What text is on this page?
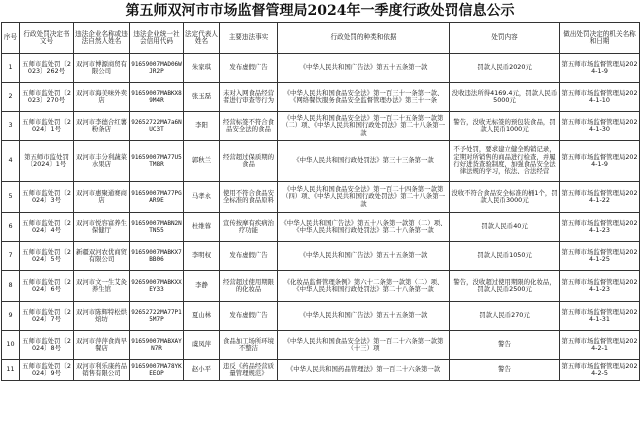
第五师双河市市场监督管理局2024年一季度行政处罚信息公示
序号	行政处罚决定书文号	违法企业名称或违法自然人姓名	违法企业统一社会信用代码	法定代表人姓名	主要违法事实	行政处罚的种类和依据	处罚内容	做出处罚决定的机关名称和日期
1	五师市监处罚〔2023〕262号	双河市博源商贸有限公司	91659007MAD06WJR2P	朱家琪	发布虚假广告	《中华人民共和国广告法》第五十五条第一款	罚款人民币2020元	第五师市场监督管理局2024-1-9
2	五师市监处罚〔2023〕270号	双河市海美味外卖店	91659007MABKX89M4R	张玉磊	未对入网食品经营者进行审查等行为	《中华人民共和国食品安全法》第一百三十一条第一款、《网络餐饮服务食品安全监督管理办法》第三十一条	没收违法所得4169.4元，罚款人民币5000元	第五师市场监督管理局2024-1-10
3	五师市监处罚〔2024〕1号	双河市李德合红薯粉条店	92652722MA7a6NUC3T	李阳	经营标签不符合食品安全法的食品	《中华人民共和国食品安全法》第一百二十五条第一款第（二）项、《中华人民共和国行政处罚法》第二十八条第一款	警告，没收无标签的预包装食品，罚款人民币1000元	第五师市场监督管理局2024-1-30
4	第五师市监处罚〔2024〕1号	双河市丰分利蔬菜水果店	91659007MA77U5TM8R	郭秋兰	经营超过保质期的食品	《中华人民共和国行政处罚法》第三十三条第一款	不予处罚，要求建立健全购销记录，定期对所销售的商品进行检查，并履行好进货查验制度，加强食品安全法律法规的学习，依法、合法经营	第五师市场监督管理局2024-1-9
5	五师市监处罚〔2024〕3号	双河市惠聚通赛商店	91659007MA77PGAR9E	马孝永	使用不符合食品安全标准的食品原料	《中华人民共和国食品安全法》第一百二十四条第一款第（四）项、《中华人民共和国行政处罚法》第二十八条第一款	没收不符合食品安全标准的桶1个，罚款人民币3000元	第五师市场监督管理局2024-1-22
6	五师市监处罚〔2024〕4号	双河市悦容富养生保健厅	91659007MABN2NTN55	杜维蓉	宣传按摩有疾病治疗功能	《中华人民共和国广告法》第五十八条第一款第（二）项、《中华人民共和国行政处罚法》第二十八条第一款	罚款人民币40元	第五师市场监督管理局2024-1-23
7	五师市监处罚〔2024〕5号	新疆双河农优商贸有限公司	91659007MABKX7BB06	李明权	发布虚假广告	《中华人民共和国广告法》第五十五条第一款	罚款人民币1050元	第五师市场监督管理局2024-1-25
8	五师市监处罚〔2024〕6号	双河市文一生艾灸养生馆	92659007MABKXXEY33	李静	经营超过使用期限的化妆品	《化妆品监督管理条例》第六十二条第一款第（二）项、《中华人民共和国行政处罚法》第二十八条第一款	警告，没收超过使用期限的化妆品，罚款人民币2500元	第五师市场监督管理局2024-1-23
9	五师市监处罚〔2024〕7号	双河市陈辉特松烘焙坊	92652722MA77P15M7P	夏山林	发布虚假广告	《中华人民共和国广告法》第五十五条第一款	罚款人民币270元	第五师市场监督管理局2024-1-31
10	五师市监处罚〔2024〕8号	双河市萍萍食尚早餐店	91659007MABXAYN7R	虞凤萍	食品加工场所环境不整洁	《中华人民共和国食品安全法》第一百二十六条第一款第（十三）项	警告	第五师市场监督管理局2024-2-1
11	五师市监处罚〔2024〕9号	双河市利乐康药品销售有限公司	91659007MA78YKEEOP	赵小平	违反《药品经营质量管理规范》	《中华人民共和国药品管理法》第一百二十六条第一款	警告	第五师市场监督管理局2024-2-5
